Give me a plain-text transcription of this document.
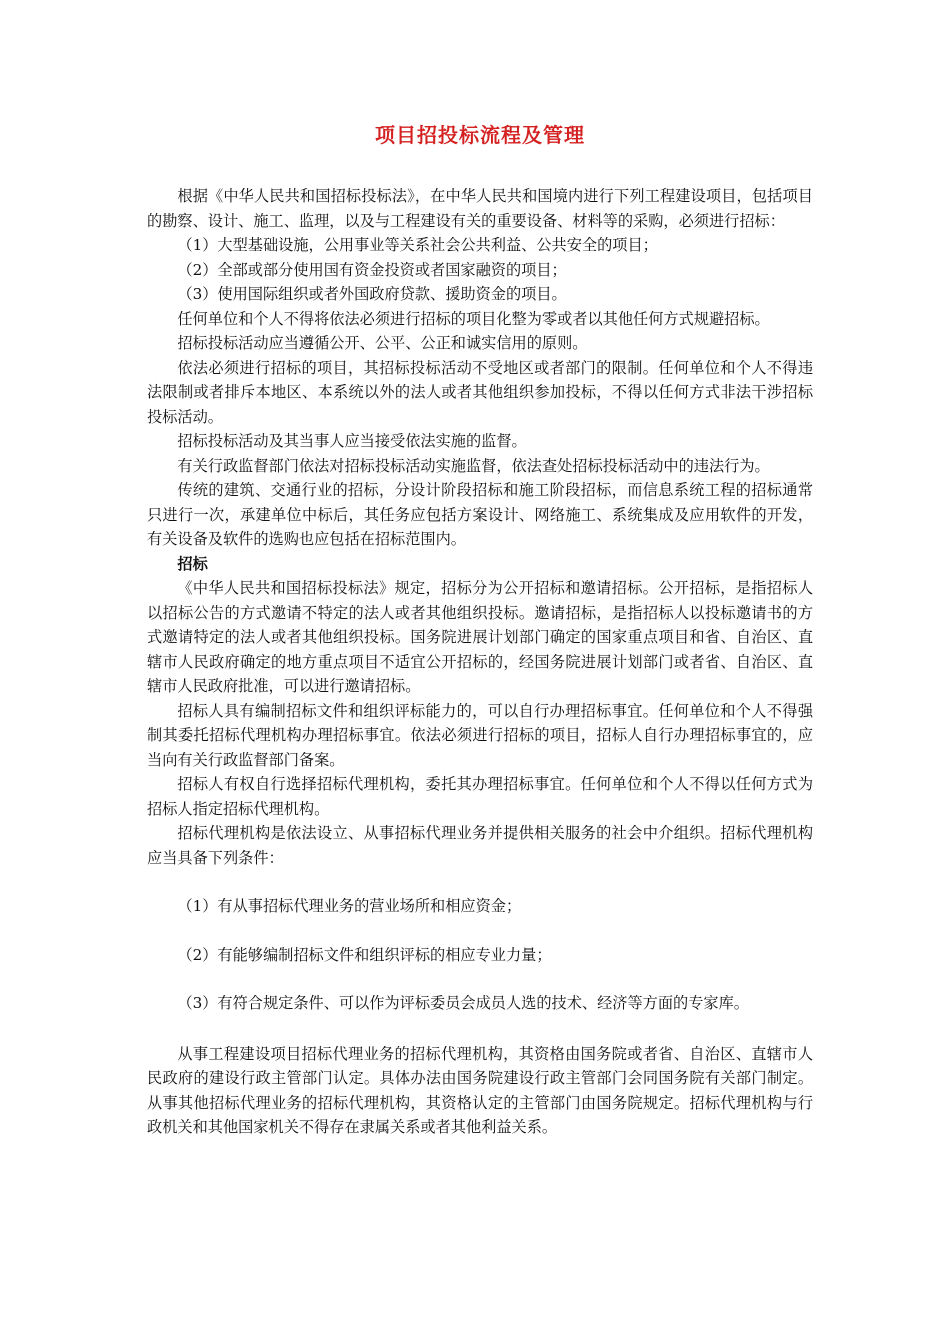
项目招投标流程及管理

根据《中华人民共和国招标投标法》，在中华人民共和国境内进行下列工程建设项目，包括项目的勘察、设计、施工、监理，以及与工程建设有关的重要设备、材料等的采购，必须进行招标：

（1）大型基础设施，公用事业等关系社会公共利益、公共安全的项目；

（2）全部或部分使用国有资金投资或者国家融资的项目；

（3）使用国际组织或者外国政府贷款、援助资金的项目。

任何单位和个人不得将依法必须进行招标的项目化整为零或者以其他任何方式规避招标。

招标投标活动应当遵循公开、公平、公正和诚实信用的原则。

依法必须进行招标的项目，其招标投标活动不受地区或者部门的限制。任何单位和个人不得违法限制或者排斥本地区、本系统以外的法人或者其他组织参加投标，不得以任何方式非法干涉招标投标活动。

招标投标活动及其当事人应当接受依法实施的监督。

有关行政监督部门依法对招标投标活动实施监督，依法查处招标投标活动中的违法行为。

传统的建筑、交通行业的招标，分设计阶段招标和施工阶段招标，而信息系统工程的招标通常只进行一次，承建单位中标后，其任务应包括方案设计、网络施工、系统集成及应用软件的开发，有关设备及软件的选购也应包括在招标范围内。

招标

《中华人民共和国招标投标法》规定，招标分为公开招标和邀请招标。公开招标，是指招标人以招标公告的方式邀请不特定的法人或者其他组织投标。邀请招标，是指招标人以投标邀请书的方式邀请特定的法人或者其他组织投标。国务院进展计划部门确定的国家重点项目和省、自治区、直辖市人民政府确定的地方重点项目不适宜公开招标的，经国务院进展计划部门或者省、自治区、直辖市人民政府批准，可以进行邀请招标。

招标人具有编制招标文件和组织评标能力的，可以自行办理招标事宜。任何单位和个人不得强制其委托招标代理机构办理招标事宜。依法必须进行招标的项目，招标人自行办理招标事宜的，应当向有关行政监督部门备案。

招标人有权自行选择招标代理机构，委托其办理招标事宜。任何单位和个人不得以任何方式为招标人指定招标代理机构。

招标代理机构是依法设立、从事招标代理业务并提供相关服务的社会中介组织。招标代理机构应当具备下列条件：

（1）有从事招标代理业务的营业场所和相应资金；

（2）有能够编制招标文件和组织评标的相应专业力量；

（3）有符合规定条件、可以作为评标委员会成员人选的技术、经济等方面的专家库。

从事工程建设项目招标代理业务的招标代理机构，其资格由国务院或者省、自治区、直辖市人民政府的建设行政主管部门认定。具体办法由国务院建设行政主管部门会同国务院有关部门制定。从事其他招标代理业务的招标代理机构，其资格认定的主管部门由国务院规定。招标代理机构与行政机关和其他国家机关不得存在隶属关系或者其他利益关系。
